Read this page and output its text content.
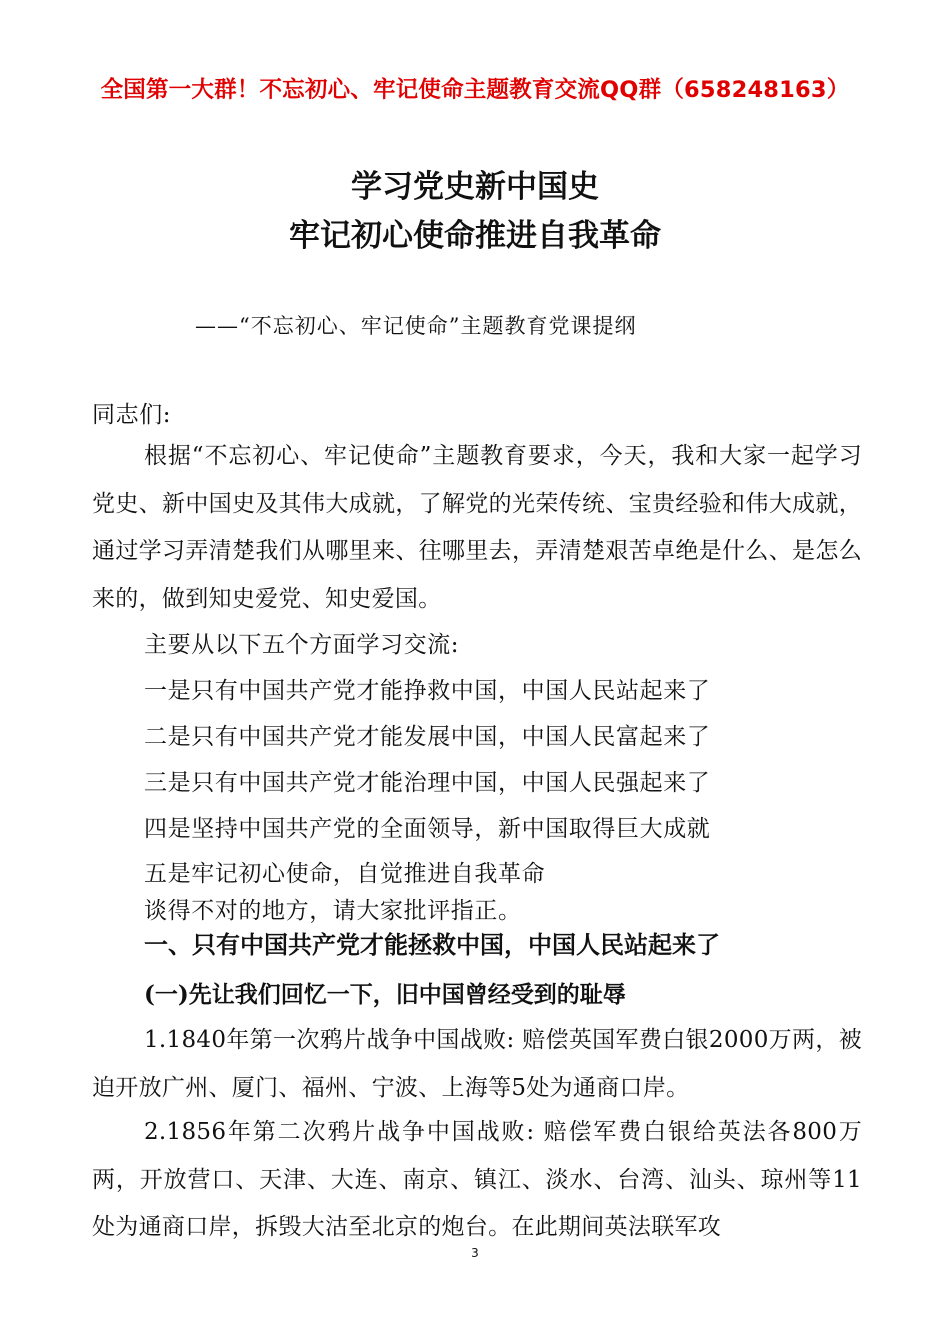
全国第一大群！不忘初心、牢记使命主题教育交流QQ群（658248163）
学习党史新中国史
牢记初心使命推进自我革命
——“不忘初心、牢记使命”主题教育党课提纲
同志们:
根据“不忘初心、牢记使命”主题教育要求，今天，我和大家一起学习党史、新中国史及其伟大成就，了解党的光荣传统、宝贵经验和伟大成就，通过学习弄清楚我们从哪里来、往哪里去，弄清楚艰苦卓绝是什么、是怎么来的，做到知史爱党、知史爱国。
主要从以下五个方面学习交流:
一是只有中国共产党才能挣救中国，中国人民站起来了
二是只有中国共产党才能发展中国，中国人民富起来了
三是只有中国共产党才能治理中国，中国人民强起来了
四是坚持中国共产党的全面领导，新中国取得巨大成就
五是牢记初心使命，自觉推进自我革命
谈得不对的地方，请大家批评指正。
一、只有中国共产党才能拯救中国，中国人民站起来了
(一)先让我们回忆一下，旧中国曾经受到的耻辱
1.1840年第一次鸦片战争中国战败: 赔偿英国军费白银2000万两，被迫开放广州、厦门、福州、宁波、上海等5处为通商口岸。
2.1856年第二次鸦片战争中国战败: 赔偿军费白银给英法各800万两，开放营口、天津、大连、南京、镇江、淡水、台湾、汕头、琼州等11处为通商口岸，拆毁大沽至北京的炮台。在此期间英法联军攻
3
